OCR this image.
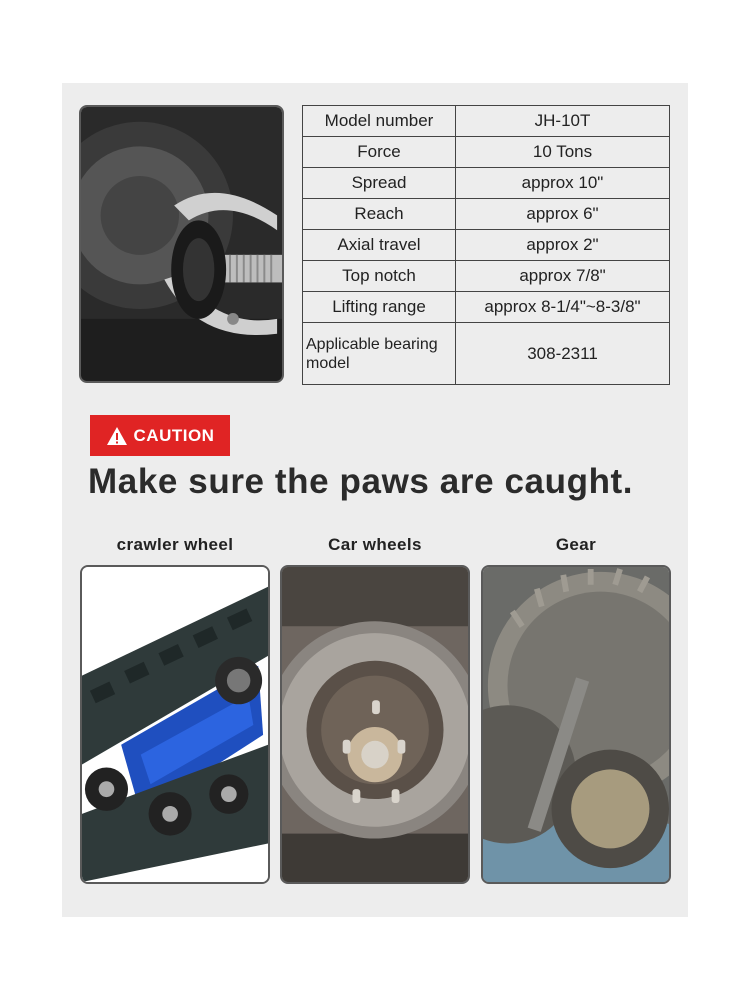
Model number	JH-10T
Force	10 Tons
Spread	approx 10"
Reach	approx 6"
Axial travel	approx 2"
Top notch	approx 7/8"
Lifting range	approx 8-1/4"~8-3/8"
Applicable bearing model	308-2311
CAUTION
Make sure the paws are caught.
crawler wheel	Car wheels	Gear
